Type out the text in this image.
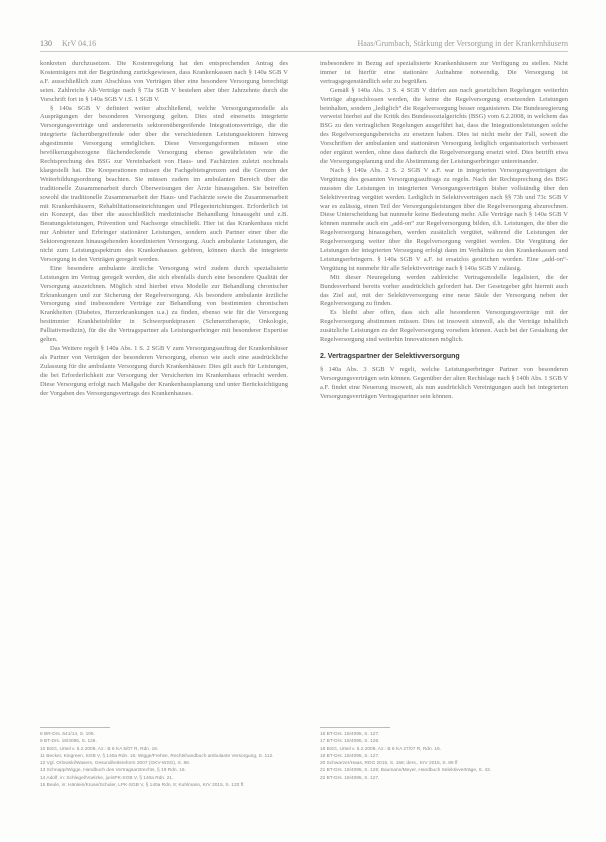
130 KrV 04.16	Haas/Grumbach, Stärkung der Versorgung in der Krankenhäusern

konkreten durchzusetzen. Die Kostenregelung hat den entsprechenden Antrag des Kostenträgers mit der Begründung zurückgewiesen, dass Krankenkassen nach § 140a SGB V a.F. ausschließlich zum Abschluss von Verträgen über eine besondere Versorgung berechtigt seien. Zahlreiche Alt-Verträge nach § 73a SGB V bestehen aber über Jahrzehnte durch die Vorschrift fort in § 140a SGB V i.S. 1 SGB V.

§ 140a SGB V definiert weiter abschließend, welche Versorgungsmodelle als Ausprägungen der besonderen Versorgung gelten. Dies sind einerseits integrierte Versorgungsverträge und andererseits sektorenübergreifende Integrationsverträge, die die integrierte fächerübergreifende oder über die verschiedenen Leistungssektoren hinweg abgestimmte Versorgung ermöglichen. Diese Versorgungsformen müssen eine bevölkerungsbezogene flächendeckende Versorgung ebenso gewährleisten wie die Rechtsprechung des BSG zur Vereinbarkeit von Haus- und Fachärzten zuletzt nochmals klargestellt hat. Die Kooperationen müssen die Fachgebietsgrenzen und die Grenzen der Weiterbildungsordnung beachten. Sie müssen zudem im ambulanten Bereich über die traditionelle Zusammenarbeit durch Überweisungen der Ärzte hinausgehen. Sie betreffen sowohl die traditionelle Zusammenarbeit der Haus- und Fachärzte sowie die Zusammenarbeit mit Krankenhäusern, Rehabilitationseinrichtungen und Pflegeeinrichtungen. Erforderlich ist ein Konzept, das über die ausschließlich medizinische Behandlung hinausgeht und z.B. Beratungsleistungen, Prävention und Nachsorge einschließt. Hier ist das Krankenhaus nicht nur Anbieter und Erbringer stationärer Leistungen, sondern auch Partner einer über die Sektorengrenzen hinausgehenden koordinierten Versorgung. Auch ambulante Leistungen, die nicht zum Leistungsspektrum des Krankenhauses gehören, können durch die integrierte Versorgung in den Verträgen geregelt werden.

Eine besondere ambulante ärztliche Versorgung wird zudem durch spezialisierte Leistungen im Vertrag geregelt werden, die sich ebenfalls durch eine besondere Qualität der Versorgung auszeichnen. Möglich sind hierbei etwa Modelle zur Behandlung chronischer Erkrankungen und zur Sicherung der Regelversorgung. Als besondere ambulante ärztliche Versorgung sind insbesondere Verträge zur Behandlung von bestimmten chronischen Krankheiten (Diabetes, Herzerkrankungen u.a.) zu finden, ebenso wie für die Versorgung bestimmter Krankheitsbilder in Schwerpunktpraxen (Schmerztherapie, Onkologie, Palliativmedizin), für die die Vertragspartner als Leistungserbringer mit besonderer Expertise gelten.

Das Weitere regelt § 140a Abs. 1 S. 2 SGB V zum Versorgungsauftrag der Krankenhäuser als Partner von Verträgen der besonderen Versorgung, ebenso wie auch eine ausdrückliche Zulassung für die ambulante Versorgung durch Krankenhäuser. Dies gilt auch für Leistungen, die bei Erforderlichkeit zur Versorgung der Versicherten im Krankenhaus erbracht werden. Diese Versorgung erfolgt nach Maßgabe der Krankenhausplanung und unter Berücksichtigung der Vorgaben des Versorgungsvertrags des Krankenhauses.

insbesondere in Bezug auf spezialisierte Krankenhäusern zur Verfügung zu stellen. Nicht immer ist hierfür eine stationäre Aufnahme notwendig. Die Versorgung ist vertragsgegenständlich sehr zu begrüßen.

Gemäß § 140a Abs. 3 S. 4 SGB V dürfen aus nach gesetzlichen Regelungen weiterhin Verträge abgeschlossen werden, die keine die Regelversorgung ersetzenden Leistungen beinhalten, sondern „lediglich“ die Regelversorgung besser organisieren. Die Bundesregierung verweist hierbei auf die Kritik des Bundessozialgerichts (BSG) vom 6.2.2008, in welchem das BSG zu den vertraglichen Regelungen ausgeführt hat, dass die Integrationsleistungen solche des Regelversorgungsbereichs zu ersetzen haben. Dies ist nicht mehr der Fall, soweit die Vorschriften der ambulanten und stationären Versorgung lediglich organisatorisch verbessert oder ergänzt werden, ohne dass dadurch die Regelversorgung ersetzt wird. Dies betrifft etwa die Versorgungsplanung und die Abstimmung der Leistungserbringer untereinander.

Nach § 140a Abs. 2 S. 2 SGB V a.F. war in integrierten Versorgungsverträgen die Vergütung des gesamten Versorgungsauftrags zu regeln. Nach der Rechtsprechung des BSG mussten die Leistungen in integrierten Versorgungsverträgen bisher vollständig über den Selektivvertrag vergütet werden. Lediglich in Selektivverträgen nach §§ 73b und 73c SGB V war es zulässig, einen Teil der Versorgungsleistungen über die Regelversorgung abzurechnen. Diese Unterscheidung hat nunmehr keine Bedeutung mehr. Alle Verträge nach § 140a SGB V können nunmehr auch ein „add-on“ zur Regelversorgung bilden, d.h. Leistungen, die über die Regelversorgung hinausgehen, werden zusätzlich vergütet, während die Leistungen der Regelversorgung weiter über die Regelversorgung vergütet werden. Die Vergütung der Leistungen der integrierten Versorgung erfolgt dann im Verhältnis zu den Krankenkassen und Leistungserbringern. § 140a SGB V a.F. ist ersatzlos gestrichen worden. Eine „add-on“-Vergütung ist nunmehr für alle Selektivverträge nach § 140a SGB V zulässig.

Mit dieser Neuregelung werden zahlreiche Vertragsmodelle legalisiert, die der Bundesverband bereits vorher ausdrücklich gefordert hat. Der Gesetzgeber gibt hiermit auch das Ziel auf, mit der Selektivversorgung eine neue Säule der Versorgung neben der Regelversorgung zu finden.

Es bleibt aber offen, dass sich alle besonderen Versorgungsverträge mit der Regelversorgung abstimmen müssen. Dies ist insoweit sinnvoll, als die Verträge inhaltlich zusätzliche Leistungen zu der Regelversorgung vorsehen können. Auch bei der Gestaltung der Regelversorgung sind weiterhin Innovationen möglich.

2. Vertragspartner der Selektivversorgung

§ 140a Abs. 3 SGB V regelt, welche Leistungserbringer Partner von besonderen Versorgungsverträgen sein können. Gegenüber der alten Rechtslage nach § 140b Abs. 1 SGB V a.F. findet eine Neuerung insoweit, als nun ausdrücklich Vereinigungen auch bei integrierten Versorgungsverträgen Vertragspartner sein können.

8 BR-Drs. 641/14, S. 105.
9 BT-Drs. 18/4095, S. 126.
10 BSG, Urteil v. 6.2.2008, Az.: B 6 KA 5/07 R, Rdn. 16.
11 Becker, Kingreen, SGB V, § 140a Rdn. 16; Wigge/Frehse, Rechtshandbuch ambulante Versorgung, S. 112.
12 Vgl. Orlowski/Wasem, Gesundheitsreform 2007 (GKV-WSG), S. 88.
13 Schnapp/Wigge, Handbuch des Vertragsarztrechts, § 19 Rdn. 16.
14 Adolf, in: Schlegel/Voelzke, jurisPK-SGB V, § 140a Rdn. 21.
15 Beule, in: Hänlein/Kruse/Schuler, LPK-SGB V, § 140a Rdn. 8; Kuhlmann, KrV 2015, S. 133 ff.
16 BT-Drs. 18/4095, S. 127.
17 BT-Drs. 18/4095, S. 126.
18 BSG, Urteil v. 6.2.2008, Az.: B 6 KA 27/07 R, Rdn. 16.
19 BT-Drs. 18/4095, S. 127.
20 Schwarzer/Haas, RDG 2015, S. 158; ders., KrV 2015, S. 89 ff.
21 BT-Drs. 18/4095, S. 126; Baumann/Meyer, Handbuch Selektivverträge, S. 42.
22 BT-Drs. 18/4095, S. 127.
